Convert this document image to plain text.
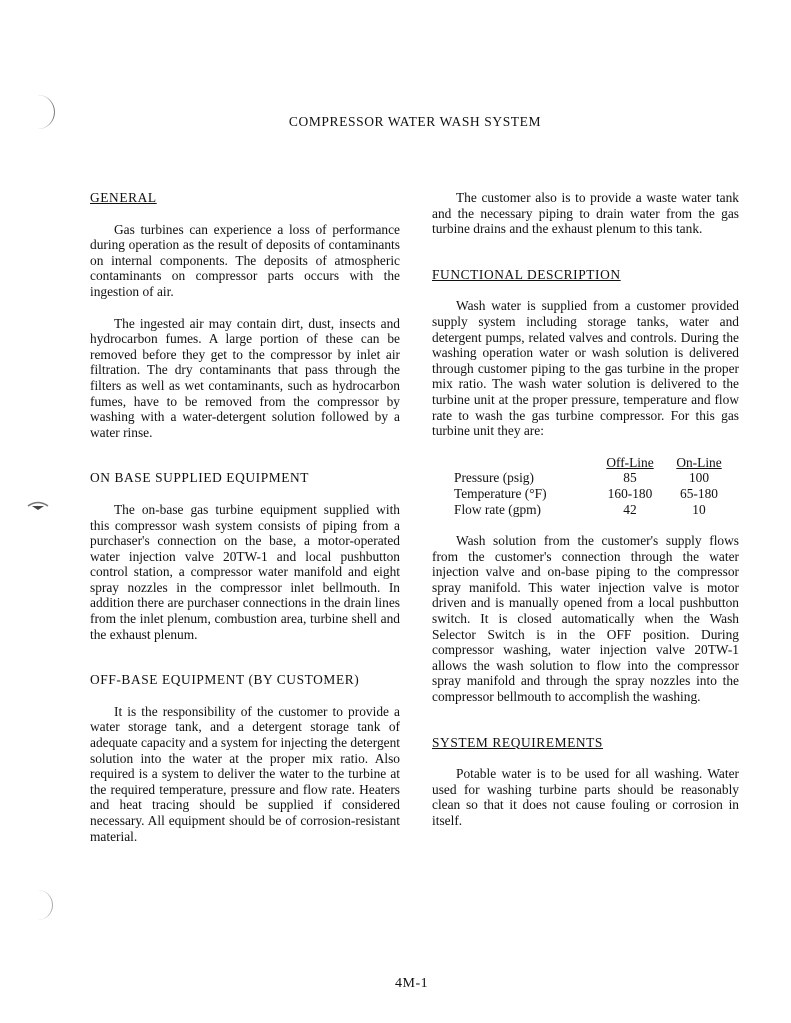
COMPRESSOR WATER WASH SYSTEM
GENERAL

Gas turbines can experience a loss of performance during operation as the result of deposits of contaminants on internal components. The deposits of atmospheric contaminants on compressor parts occurs with the ingestion of air.

The ingested air may contain dirt, dust, insects and hydrocarbon fumes. A large portion of these can be removed before they get to the compressor by inlet air filtration. The dry contaminants that pass through the filters as well as wet contaminants, such as hydrocarbon fumes, have to be removed from the compressor by washing with a water-detergent solution followed by a water rinse.

ON BASE SUPPLIED EQUIPMENT

The on-base gas turbine equipment supplied with this compressor wash system consists of piping from a purchaser's connection on the base, a motor-operated water injection valve 20TW-1 and local pushbutton control station, a compressor water manifold and eight spray nozzles in the compressor inlet bellmouth. In addition there are purchaser connections in the drain lines from the inlet plenum, combustion area, turbine shell and the exhaust plenum.

OFF-BASE EQUIPMENT (BY CUSTOMER)

It is the responsibility of the customer to provide a water storage tank, and a detergent storage tank of adequate capacity and a system for injecting the detergent solution into the water at the proper mix ratio. Also required is a system to deliver the water to the turbine at the required temperature, pressure and flow rate. Heaters and heat tracing should be supplied if considered necessary. All equipment should be of corrosion-resistant material.

The customer also is to provide a waste water tank and the necessary piping to drain water from the gas turbine drains and the exhaust plenum to this tank.

FUNCTIONAL DESCRIPTION

Wash water is supplied from a customer provided supply system including storage tanks, water and detergent pumps, related valves and controls. During the washing operation water or wash solution is delivered through customer piping to the gas turbine in the proper mix ratio. The wash water solution is delivered to the turbine unit at the proper pressure, temperature and flow rate to wash the gas turbine compressor. For this gas turbine unit they are:

	Off-Line	On-Line
Pressure (psig)	85	100
Temperature (°F)	160-180	65-180
Flow rate (gpm)	42	10

Wash solution from the customer's supply flows from the customer's connection through the water injection valve and on-base piping to the compressor spray manifold. This water injection valve is motor driven and is manually opened from a local pushbutton switch. It is closed automatically when the Wash Selector Switch is in the OFF position. During compressor washing, water injection valve 20TW-1 allows the wash solution to flow into the compressor spray manifold and through the spray nozzles into the compressor bellmouth to accomplish the washing.

SYSTEM REQUIREMENTS

Potable water is to be used for all washing. Water used for washing turbine parts should be reasonably clean so that it does not cause fouling or corrosion in itself.

4M-1
